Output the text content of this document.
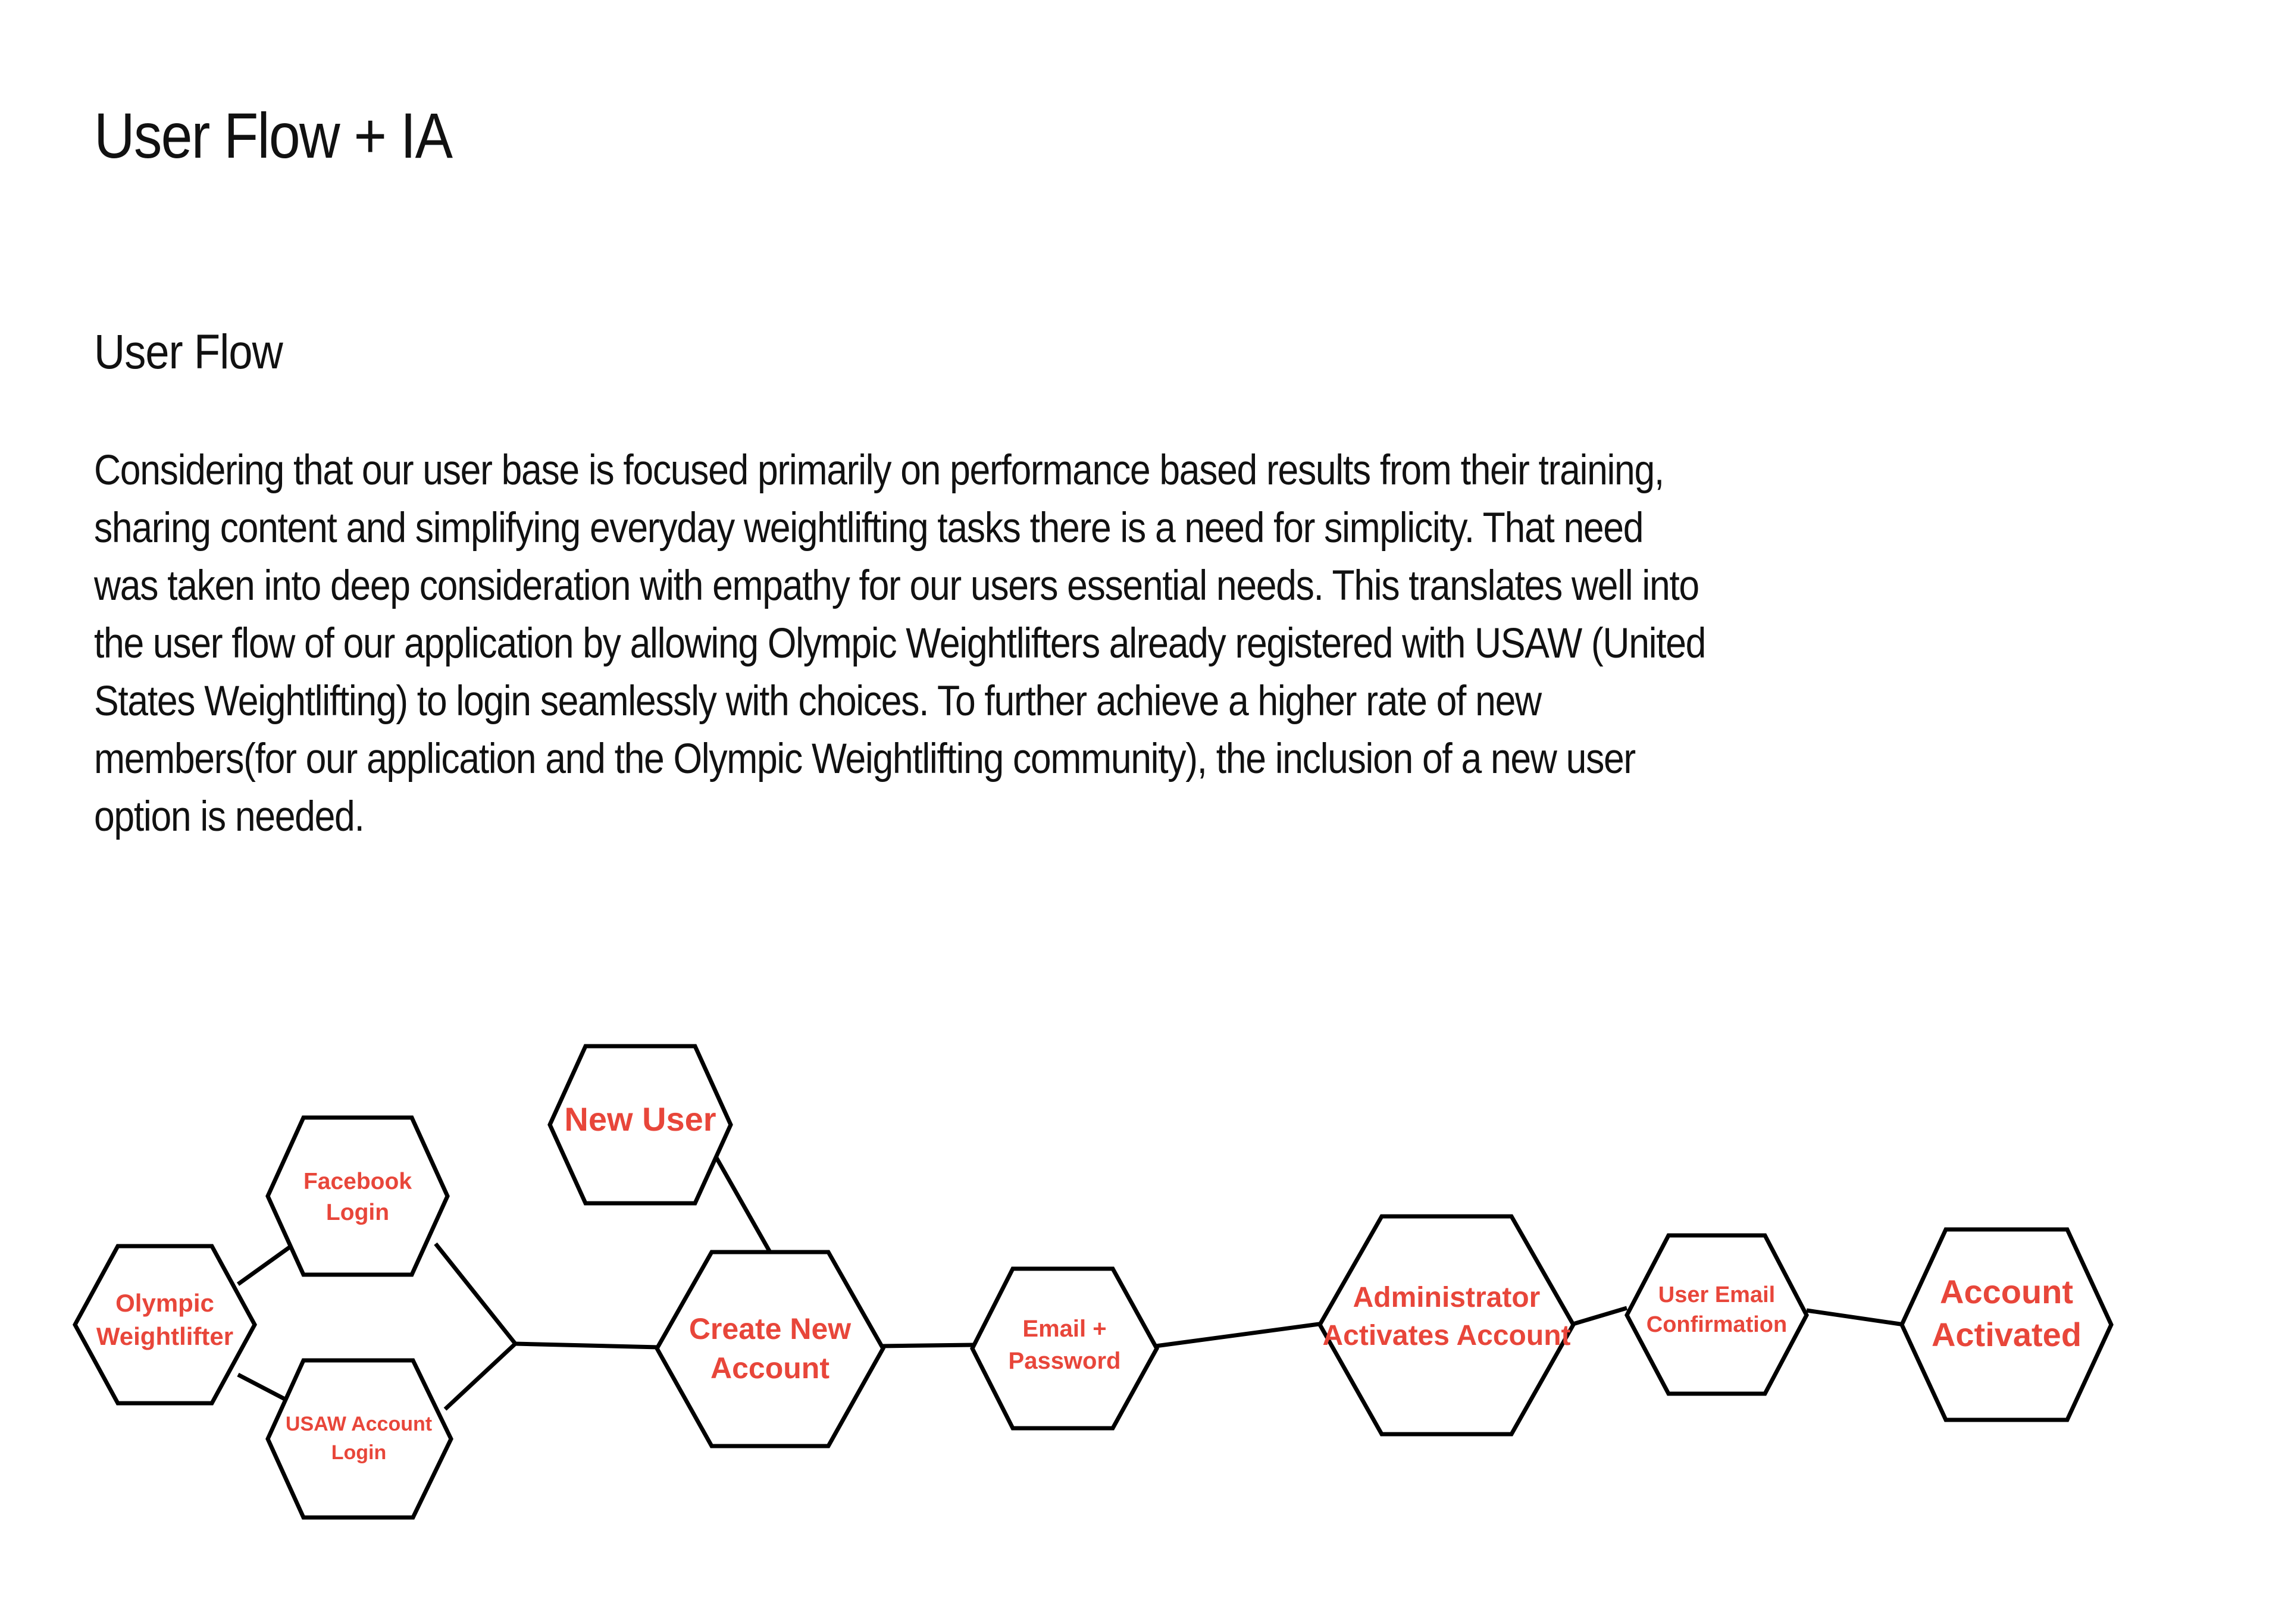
User Flow + IA
User Flow

Considering that our user base is focused primarily on performance based results from their training, sharing content and simplifying everyday weightlifting tasks there is a need for simplicity. That need was taken into deep consideration with empathy for our users essential needs. This translates well into the user flow of our application by allowing Olympic Weightlifters already registered with USAW (United States Weightlifting) to login seamlessly with choices. To further achieve a higher rate of new members(for our application and the Olympic Weightlifting community), the inclusion of a new user option is needed.

Olympic
Weightlifter
Facebook
Login
USAW Account
Login
New User
Create New
Account
Email +
Password
Administrator
Activates Account
User Email
Confirmation
Account
Activated
